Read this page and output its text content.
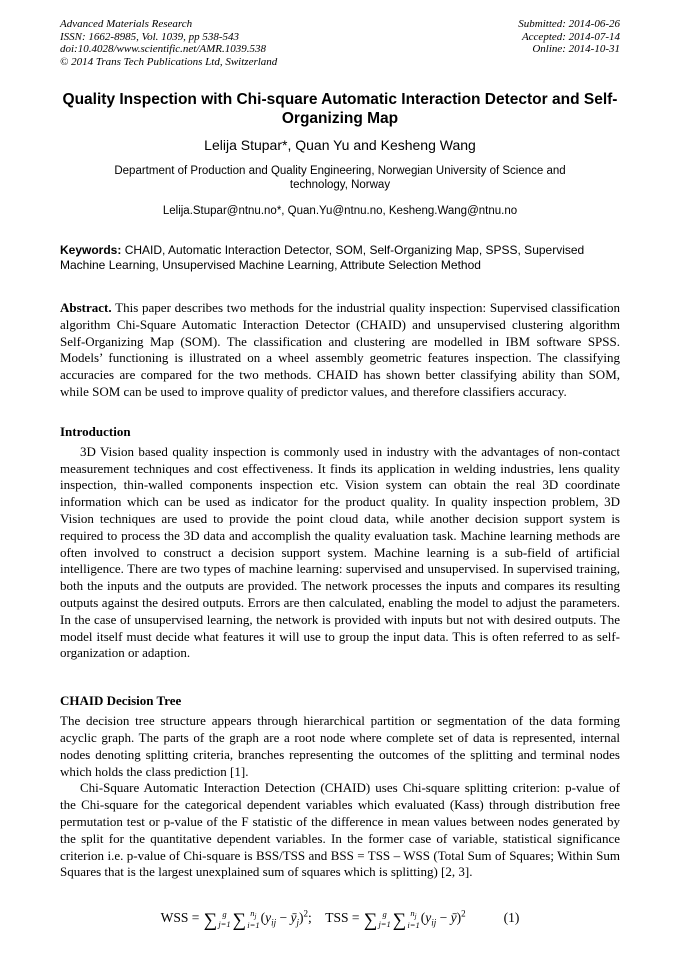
Advanced Materials Research
ISSN: 1662-8985, Vol. 1039, pp 538-543
doi:10.4028/www.scientific.net/AMR.1039.538
© 2014 Trans Tech Publications Ltd, Switzerland
Submitted: 2014-06-26
Accepted: 2014-07-14
Online: 2014-10-31
Quality Inspection with Chi-square Automatic Interaction Detector and Self-Organizing Map
Lelija Stupar*, Quan Yu and Kesheng Wang
Department of Production and Quality Engineering, Norwegian University of Science and technology, Norway
Lelija.Stupar@ntnu.no*, Quan.Yu@ntnu.no, Kesheng.Wang@ntnu.no

Keywords: CHAID, Automatic Interaction Detector, SOM, Self-Organizing Map, SPSS, Supervised Machine Learning, Unsupervised Machine Learning, Attribute Selection Method

Abstract. This paper describes two methods for the industrial quality inspection: Supervised classification algorithm Chi-Square Automatic Interaction Detector (CHAID) and unsupervised clustering algorithm Self-Organizing Map (SOM). The classification and clustering are modelled in IBM software SPSS. Models’ functioning is illustrated on a wheel assembly geometric features inspection. The classifying accuracies are compared for the two methods. CHAID has shown better classifying ability than SOM, while SOM can be used to improve quality of predictor values, and therefore classifiers accuracy.

Introduction

3D Vision based quality inspection is commonly used in industry with the advantages of non-contact measurement techniques and cost effectiveness. It finds its application in welding industries, lens quality inspection, thin-walled components inspection etc. Vision system can obtain the real 3D coordinate information which can be used as indicator for the product quality. In quality inspection problem, 3D Vision techniques are used to provide the point cloud data, while another decision support system is required to process the 3D data and accomplish the quality evaluation task. Machine learning methods are often involved to construct a decision support system. Machine learning is a sub-field of artificial intelligence. There are two types of machine learning: supervised and unsupervised. In supervised training, both the inputs and the outputs are provided. The network processes the inputs and compares its resulting outputs against the desired outputs. Errors are then calculated, enabling the model to adjust the parameters. In the case of unsupervised learning, the network is provided with inputs but not with desired outputs. The model itself must decide what features it will use to group the input data. This is often referred to as self-organization or adaption.

CHAID Decision Tree

The decision tree structure appears through hierarchical partition or segmentation of the data forming acyclic graph. The parts of the graph are a root node where complete set of data is represented, internal nodes denoting splitting criteria, branches representing the outcomes of the splitting and terminal nodes which holds the class prediction [1].

Chi-Square Automatic Interaction Detection (CHAID) uses Chi-square splitting criterion: p-value of the Chi-square for the categorical dependent variables which evaluated (Kass) through distribution free permutation test or p-value of the F statistic of the difference in mean values between nodes generated by the split for the quantitative dependent variables. In the former case of variable, statistical significance criterion i.e. p-value of Chi-square is BSS/TSS and BSS = TSS – WSS (Total Sum of Squares; Within Sum Squares that is the largest unexplained sum of squares which is splitting) [2, 3].

WSS = ∑ g
j=1 ∑ $n_j$
i=1
($y_{ij}$ − $ȳ_j)^2$; TSS = ∑ g
j=1 ∑ $n_j$
i=1
($y_{ij}$ − ȳ)$^2$	(1)
